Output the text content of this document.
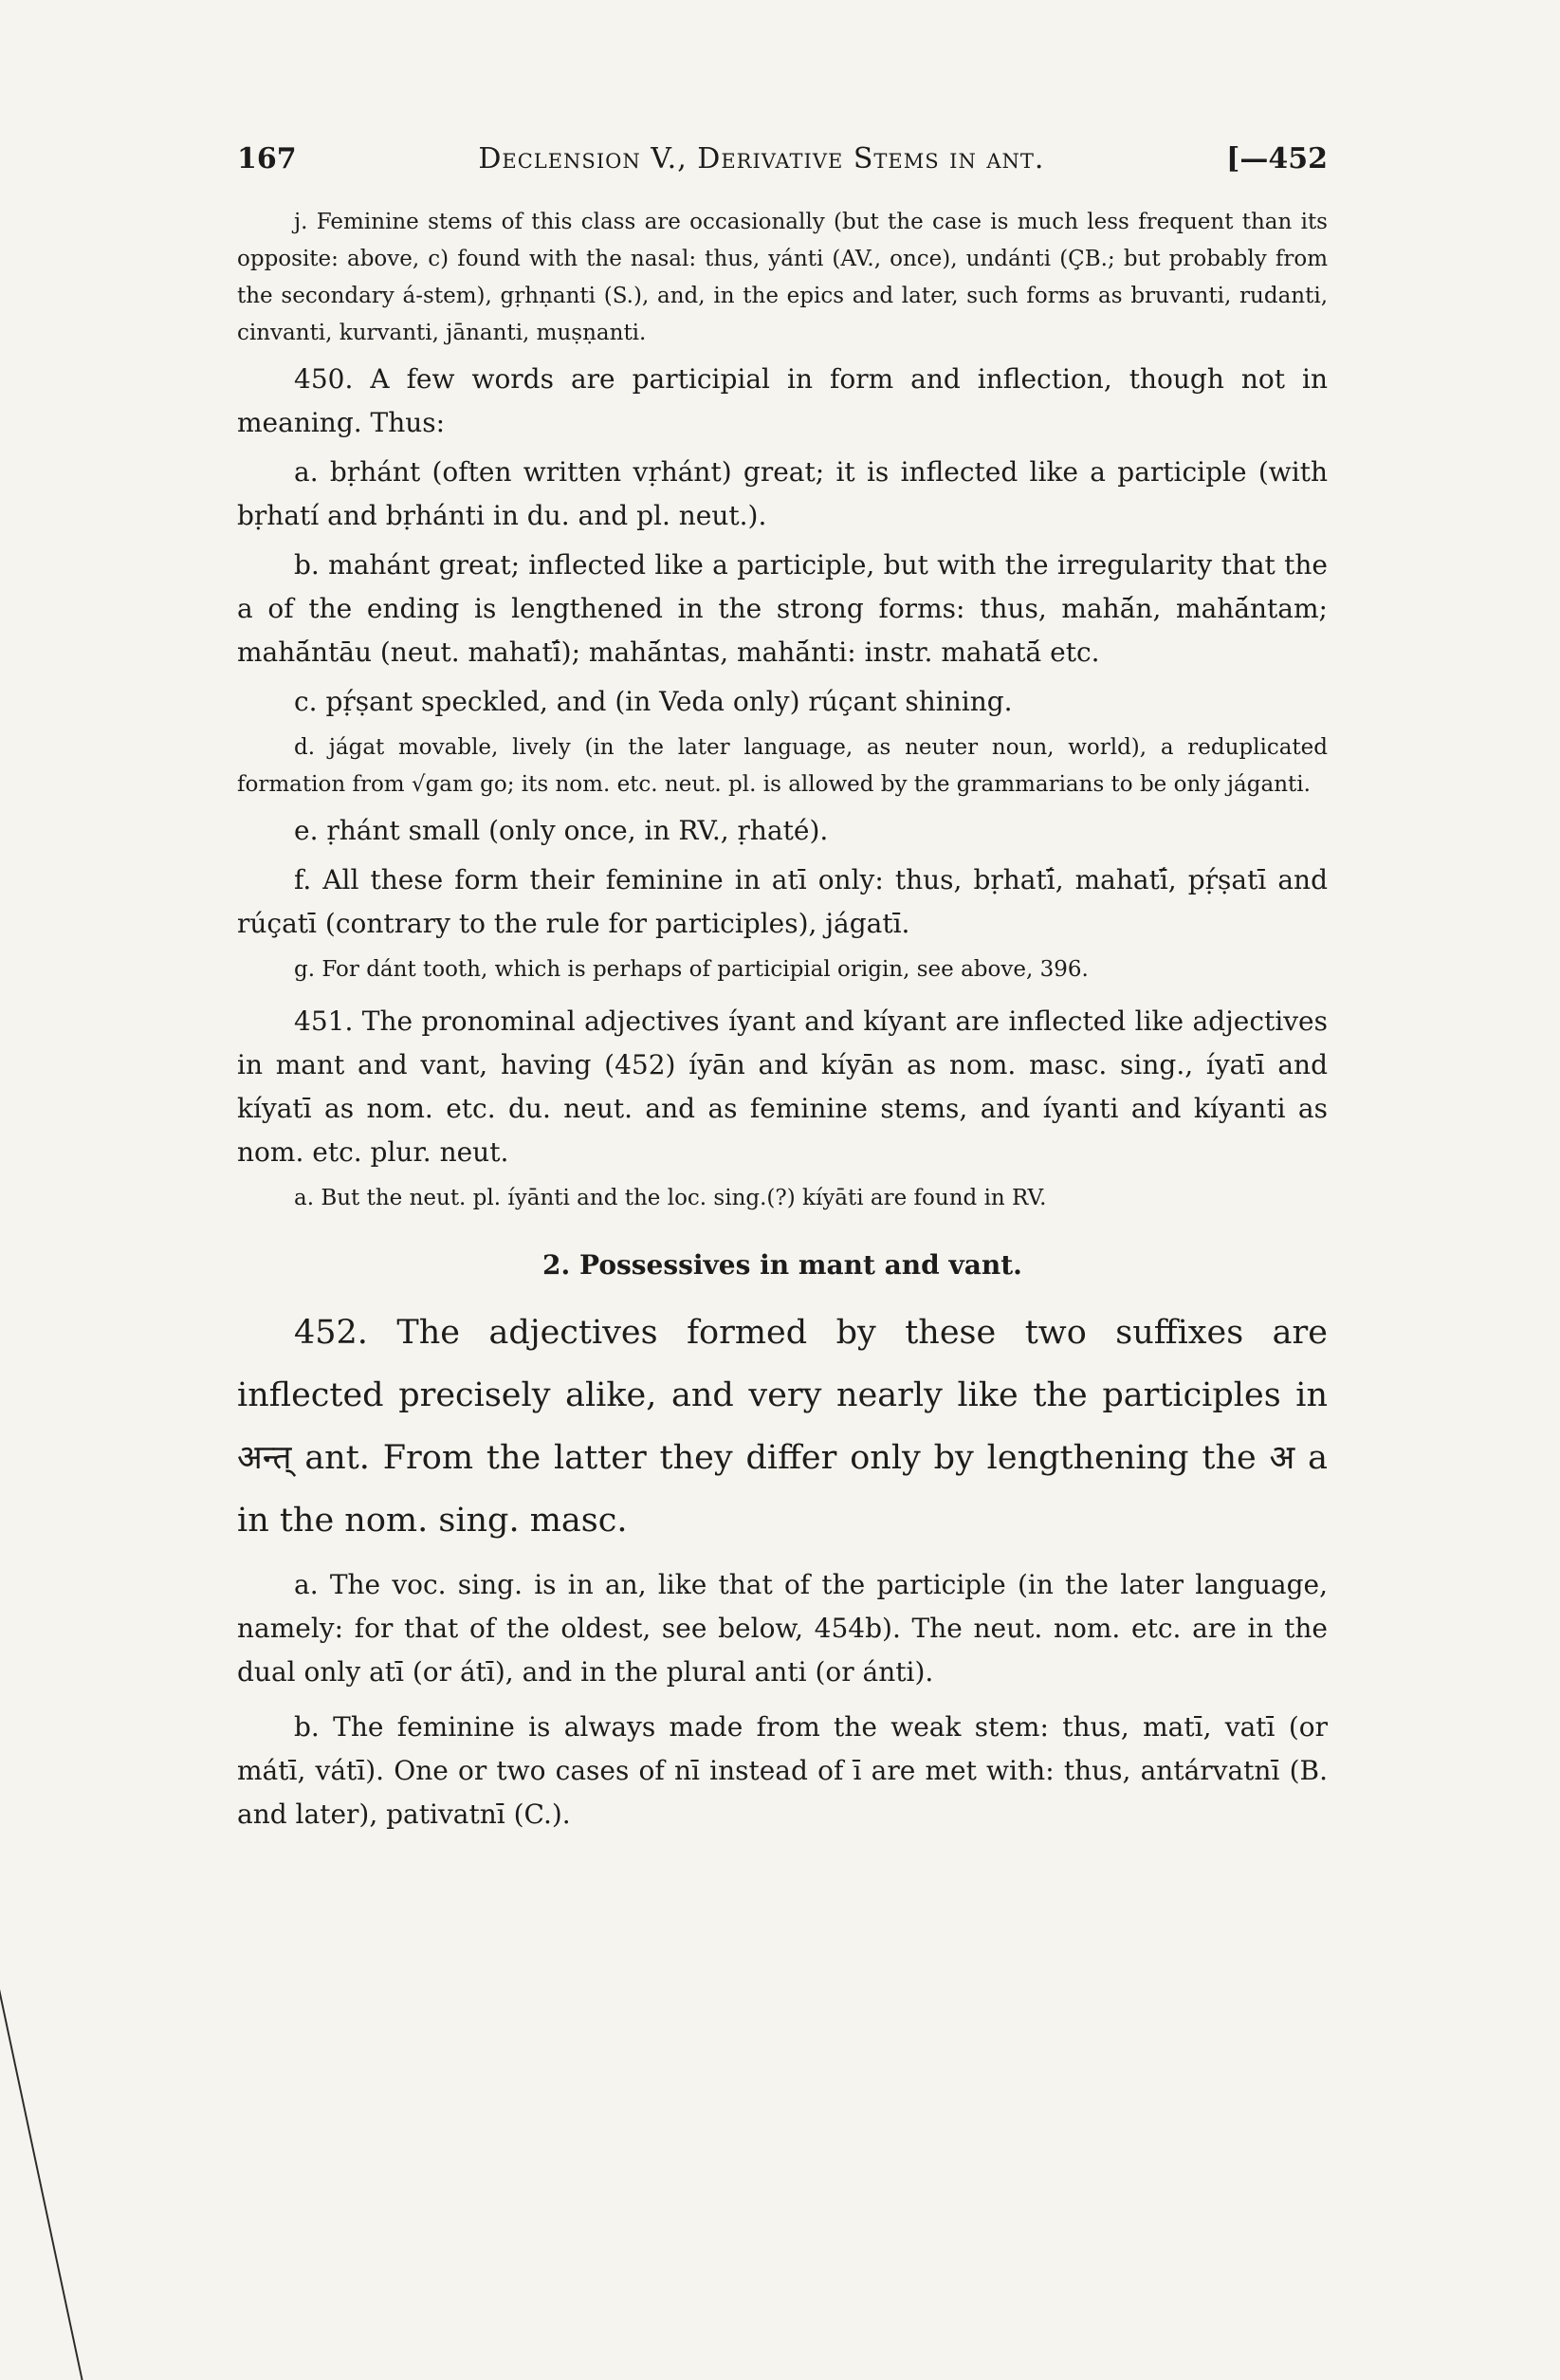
167	Declension V., Derivative Stems in ant.	[—452

j. Feminine stems of this class are occasionally (but the case is much less frequent than its opposite: above, c) found with the nasal: thus, yánti (AV., once), undánti (ÇB.; but probably from the secondary á-stem), gṛhṇanti (S.), and, in the epics and later, such forms as bruvanti, rudanti, cinvanti, kurvanti, jānanti, muṣṇanti.

450. A few words are participial in form and inflection, though not in meaning. Thus:

a. bṛhánt (often written vṛhánt) great; it is inflected like a participle (with bṛhatí and bṛhánti in du. and pl. neut.).

b. mahánt great; inflected like a participle, but with the irregularity that the a of the ending is lengthened in the strong forms: thus, mahā́n, mahā́ntam; mahā́ntāu (neut. mahatī́); mahā́ntas, mahā́nti: instr. mahatā́ etc.

c. pṛ́ṣant speckled, and (in Veda only) rúçant shining.

d. jágat movable, lively (in the later language, as neuter noun, world), a reduplicated formation from √gam go; its nom. etc. neut. pl. is allowed by the grammarians to be only jáganti.

e. ṛhánt small (only once, in RV., ṛhaté).

f. All these form their feminine in atī only: thus, bṛhatī́, mahatī́, pṛ́ṣatī and rúçatī (contrary to the rule for participles), jágatī.

g. For dánt tooth, which is perhaps of participial origin, see above, 396.

451. The pronominal adjectives íyant and kíyant are inflected like adjectives in mant and vant, having (452) íyān and kíyān as nom. masc. sing., íyatī and kíyatī as nom. etc. du. neut. and as feminine stems, and íyanti and kíyanti as nom. etc. plur. neut.

a. But the neut. pl. íyānti and the loc. sing.(?) kíyāti are found in RV.

2. Possessives in mant and vant.

452. The adjectives formed by these two suffixes are inflected precisely alike, and very nearly like the participles in अन्त् ant. From the latter they differ only by lengthening the अ a in the nom. sing. masc.

a. The voc. sing. is in an, like that of the participle (in the later language, namely: for that of the oldest, see below, 454b). The neut. nom. etc. are in the dual only atī (or átī), and in the plural anti (or ánti).

b. The feminine is always made from the weak stem: thus, matī, vatī (or mátī, vátī). One or two cases of nī instead of ī are met with: thus, antárvatnī (B. and later), pativatnī (C.).
